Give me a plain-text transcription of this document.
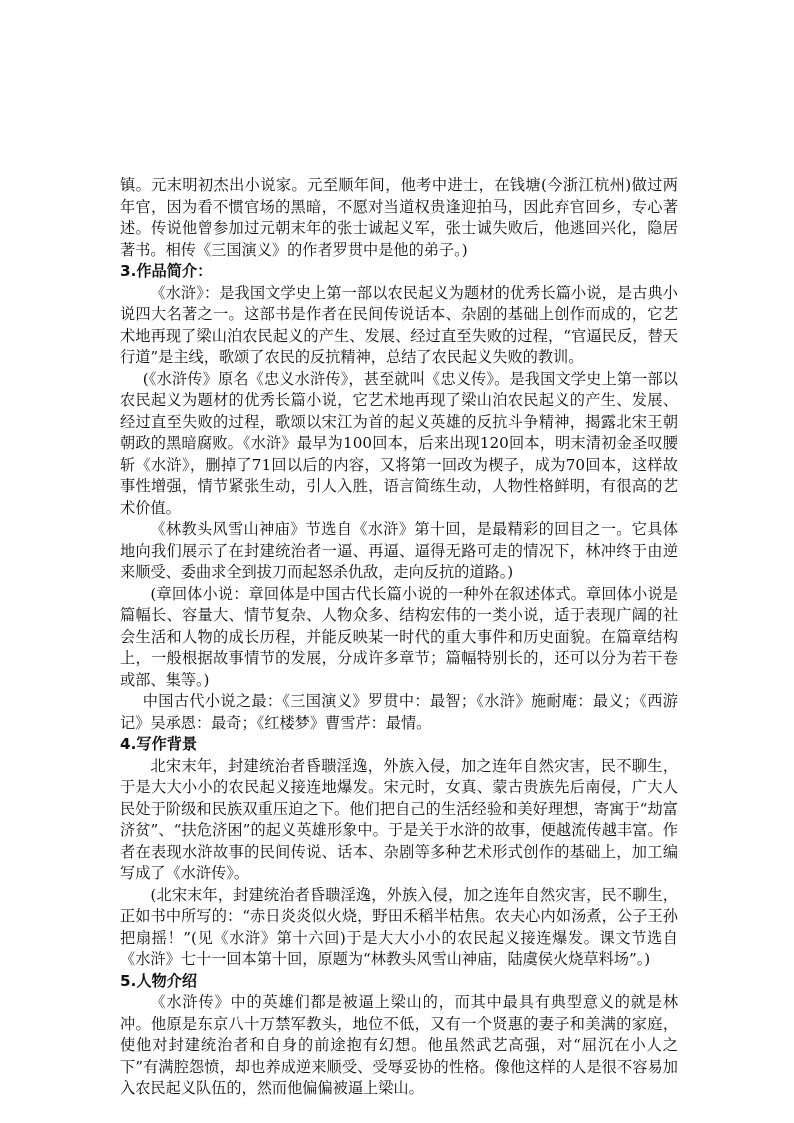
镇。元末明初杰出小说家。元至顺年间，他考中进士，在钱塘(今浙江杭州)做过两年官，因为看不惯官场的黑暗，不愿对当道权贵逢迎拍马，因此弃官回乡，专心著述。传说他曾参加过元朝末年的张士诚起义军，张士诚失败后，他逃回兴化，隐居著书。相传《三国演义》的作者罗贯中是他的弟子。)

3.作品简介：

《水浒》：是我国文学史上第一部以农民起义为题材的优秀长篇小说，是古典小说四大名著之一。这部书是作者在民间传说话本、杂剧的基础上创作而成的，它艺术地再现了梁山泊农民起义的产生、发展、经过直至失败的过程，“官逼民反，替天行道”是主线，歌颂了农民的反抗精神，总结了农民起义失败的教训。

(《水浒传》原名《忠义水浒传》，甚至就叫《忠义传》。是我国文学史上第一部以农民起义为题材的优秀长篇小说，它艺术地再现了梁山泊农民起义的产生、发展、经过直至失败的过程，歌颂以宋江为首的起义英雄的反抗斗争精神，揭露北宋王朝朝政的黑暗腐败。《水浒》最早为100回本，后来出现120回本，明末清初金圣叹腰斩《水浒》，删掉了71回以后的内容，又将第一回改为楔子，成为70回本，这样故事性增强，情节紧张生动，引人入胜，语言简练生动，人物性格鲜明，有很高的艺术价值。

《林教头风雪山神庙》节选自《水浒》第十回，是最精彩的回目之一。它具体地向我们展示了在封建统治者一逼、再逼、逼得无路可走的情况下，林冲终于由逆来顺受、委曲求全到拔刀而起怒杀仇敌，走向反抗的道路。)

(章回体小说：章回体是中国古代长篇小说的一种外在叙述体式。章回体小说是篇幅长、容量大、情节复杂、人物众多、结构宏伟的一类小说，适于表现广阔的社会生活和人物的成长历程，并能反映某一时代的重大事件和历史面貌。在篇章结构上，一般根据故事情节的发展，分成许多章节；篇幅特别长的，还可以分为若干卷或部、集等。)

中国古代小说之最：《三国演义》罗贯中：最智；《水浒》施耐庵：最义；《西游记》吴承恩：最奇；《红楼梦》曹雪芹：最情。

4.写作背景

北宋末年，封建统治者昏聩淫逸，外族入侵，加之连年自然灾害，民不聊生，于是大大小小的农民起义接连地爆发。宋元时，女真、蒙古贵族先后南侵，广大人民处于阶级和民族双重压迫之下。他们把自己的生活经验和美好理想，寄寓于“劫富济贫”、“扶危济困”的起义英雄形象中。于是关于水浒的故事，便越流传越丰富。作者在表现水浒故事的民间传说、话本、杂剧等多种艺术形式创作的基础上，加工编写成了《水浒传》。

(北宋末年，封建统治者昏聩淫逸，外族入侵，加之连年自然灾害，民不聊生，正如书中所写的：“赤日炎炎似火烧，野田禾稻半枯焦。农夫心内如汤煮，公子王孙把扇摇！”(见《水浒》第十六回)于是大大小小的农民起义接连爆发。课文节选自《水浒》七十一回本第十回，原题为“林教头风雪山神庙，陆虞侯火烧草料场”。)

5.人物介绍

《水浒传》中的英雄们都是被逼上梁山的，而其中最具有典型意义的就是林冲。他原是东京八十万禁军教头，地位不低，又有一个贤惠的妻子和美满的家庭，使他对封建统治者和自身的前途抱有幻想。他虽然武艺高强，对“屈沉在小人之下”有满腔怨愤，却也养成逆来顺受、受辱妥协的性格。像他这样的人是很不容易加入农民起义队伍的，然而他偏偏被逼上梁山。
